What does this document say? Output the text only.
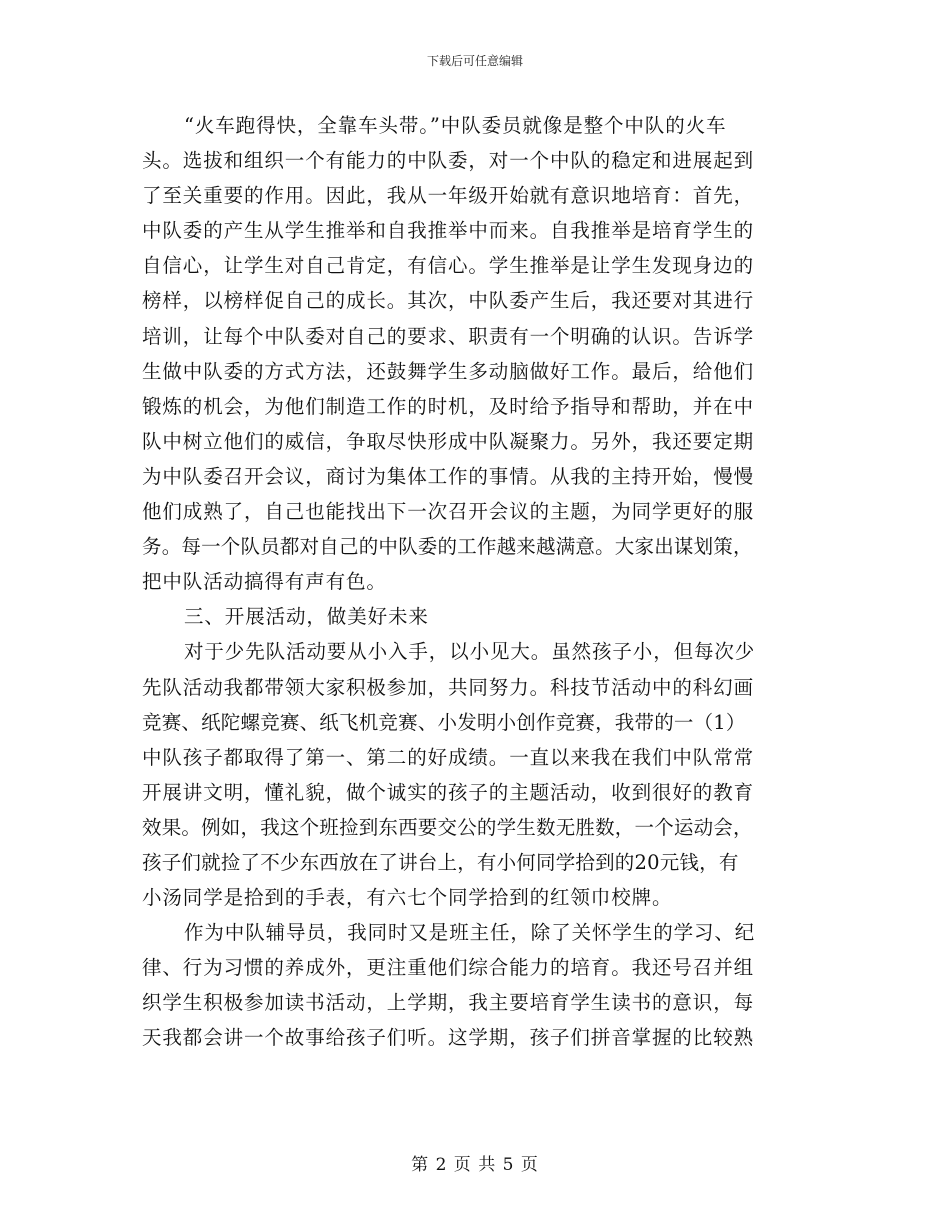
下载后可任意编辑
“火车跑得快，全靠车头带。”中队委员就像是整个中队的火车
头。选拔和组织一个有能力的中队委，对一个中队的稳定和进展起到
了至关重要的作用。因此，我从一年级开始就有意识地培育：首先，
中队委的产生从学生推举和自我推举中而来。自我推举是培育学生的
自信心，让学生对自己肯定，有信心。学生推举是让学生发现身边的
榜样，以榜样促自己的成长。其次，中队委产生后，我还要对其进行
培训，让每个中队委对自己的要求、职责有一个明确的认识。告诉学
生做中队委的方式方法，还鼓舞学生多动脑做好工作。最后，给他们
锻炼的机会，为他们制造工作的时机，及时给予指导和帮助，并在中
队中树立他们的威信，争取尽快形成中队凝聚力。另外，我还要定期
为中队委召开会议，商讨为集体工作的事情。从我的主持开始，慢慢
他们成熟了，自己也能找出下一次召开会议的主题，为同学更好的服
务。每一个队员都对自己的中队委的工作越来越满意。大家出谋划策，
把中队活动搞得有声有色。
三、开展活动，做美好未来
对于少先队活动要从小入手，以小见大。虽然孩子小，但每次少
先队活动我都带领大家积极参加，共同努力。科技节活动中的科幻画
竞赛、纸陀螺竞赛、纸飞机竞赛、小发明小创作竞赛，我带的一（1）
中队孩子都取得了第一、第二的好成绩。一直以来我在我们中队常常
开展讲文明，懂礼貌，做个诚实的孩子的主题活动，收到很好的教育
效果。例如，我这个班捡到东西要交公的学生数无胜数，一个运动会，
孩子们就捡了不少东西放在了讲台上，有小何同学拾到的20元钱，有
小汤同学是拾到的手表，有六七个同学拾到的红领巾校牌。
作为中队辅导员，我同时又是班主任，除了关怀学生的学习、纪
律、行为习惯的养成外，更注重他们综合能力的培育。我还号召并组
织学生积极参加读书活动，上学期，我主要培育学生读书的意识，每
天我都会讲一个故事给孩子们听。这学期，孩子们拼音掌握的比较熟
第 2 页 共 5 页
